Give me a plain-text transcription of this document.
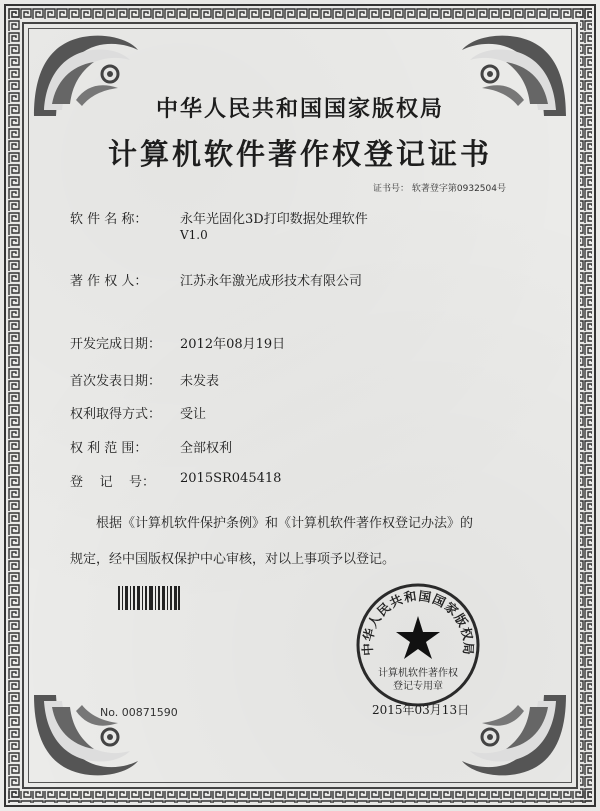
中华人民共和国国家版权局
计算机软件著作权登记证书
证书号： 软著登字第0932504号
软 件 名 称：	永年光固化3D打印数据处理软件
V1.0
著 作 权 人：	江苏永年激光成形技术有限公司
开发完成日期： 2012年08月19日
首次发表日期： 未发表
权利取得方式： 受让
权 利 范 围：	全部权利
登    记    号： 2015SR045418
根据《计算机软件保护条例》和《计算机软件著作权登记办法》的
规定，经中国版权保护中心审核，对以上事项予以登记。
No. 00871590
中华人民共和国国家版权局
计算机软件著作权
登记专用章
2015年03月13日
